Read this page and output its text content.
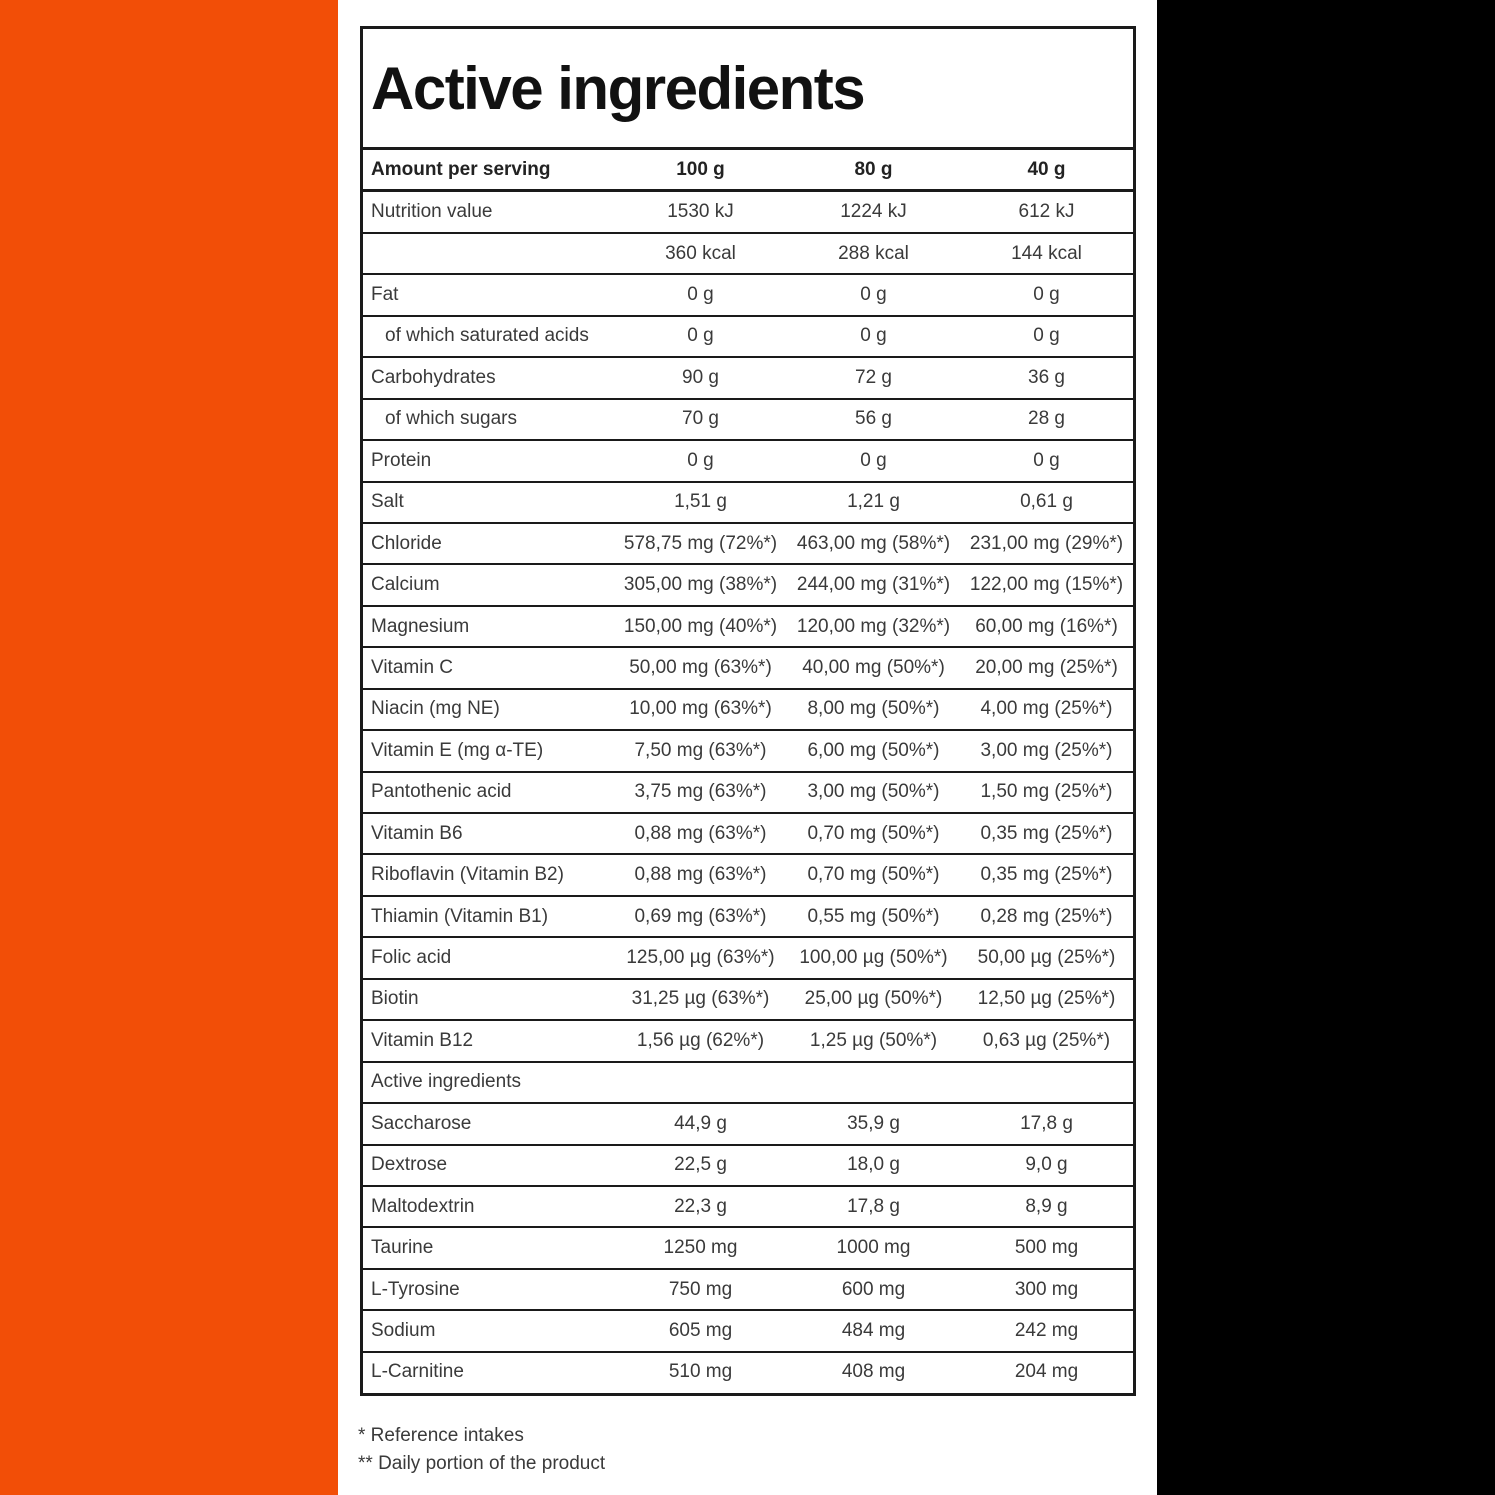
Active ingredients
Amount per serving	100 g	80 g	40 g
Nutrition value	1530 kJ	1224 kJ	612 kJ
	360 kcal	288 kcal	144 kcal
Fat	0 g	0 g	0 g
of which saturated acids	0 g	0 g	0 g
Carbohydrates	90 g	72 g	36 g
of which sugars	70 g	56 g	28 g
Protein	0 g	0 g	0 g
Salt	1,51 g	1,21 g	0,61 g
Chloride	578,75 mg (72%*)	463,00 mg (58%*)	231,00 mg (29%*)
Calcium	305,00 mg (38%*)	244,00 mg (31%*)	122,00 mg (15%*)
Magnesium	150,00 mg (40%*)	120,00 mg (32%*)	60,00 mg (16%*)
Vitamin C	50,00 mg (63%*)	40,00 mg (50%*)	20,00 mg (25%*)
Niacin (mg NE)	10,00 mg (63%*)	8,00 mg (50%*)	4,00 mg (25%*)
Vitamin E (mg α-TE)	7,50 mg (63%*)	6,00 mg (50%*)	3,00 mg (25%*)
Pantothenic acid	3,75 mg (63%*)	3,00 mg (50%*)	1,50 mg (25%*)
Vitamin B6	0,88 mg (63%*)	0,70 mg (50%*)	0,35 mg (25%*)
Riboflavin (Vitamin B2)	0,88 mg (63%*)	0,70 mg (50%*)	0,35 mg (25%*)
Thiamin (Vitamin B1)	0,69 mg (63%*)	0,55 mg (50%*)	0,28 mg (25%*)
Folic acid	125,00 µg (63%*)	100,00 µg (50%*)	50,00 µg (25%*)
Biotin	31,25 µg (63%*)	25,00 µg (50%*)	12,50 µg (25%*)
Vitamin B12	1,56 µg (62%*)	1,25 µg (50%*)	0,63 µg (25%*)
Active ingredients			
Saccharose	44,9 g	35,9 g	17,8 g
Dextrose	22,5 g	18,0 g	9,0 g
Maltodextrin	22,3 g	17,8 g	8,9 g
Taurine	1250 mg	1000 mg	500 mg
L-Tyrosine	750 mg	600 mg	300 mg
Sodium	605 mg	484 mg	242 mg
L-Carnitine	510 mg	408 mg	204 mg
* Reference intakes
** Daily portion of the product
